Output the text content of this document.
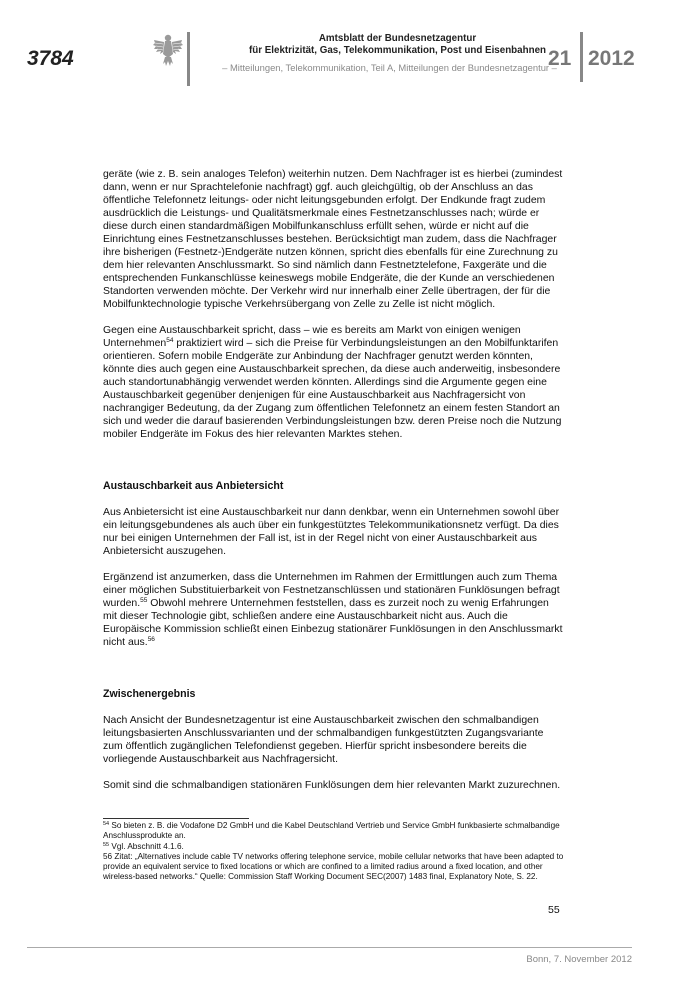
3784
Amtsblatt der Bundesnetzagentur
für Elektrizität, Gas, Telekommunikation, Post und Eisenbahnen
– Mitteilungen, Telekommunikation, Teil A, Mitteilungen der Bundesnetzagentur –
21 2012

geräte (wie z. B. sein analoges Telefon) weiterhin nutzen. Dem Nachfrager ist es hierbei (zumindest dann, wenn er nur Sprachtelefonie nachfragt) ggf. auch gleichgültig, ob der Anschluss an das öffentliche Telefonnetz leitungs- oder nicht leitungsgebunden erfolgt. Der Endkunde fragt zudem ausdrücklich die Leistungs- und Qualitätsmerkmale eines Festnetzanschlusses nach; würde er diese durch einen standardmäßigen Mobilfunkanschluss erfüllt sehen, würde er nicht auf die Einrichtung eines Festnetzanschlusses bestehen. Berücksichtigt man zudem, dass die Nachfrager ihre bisherigen (Festnetz-)Endgeräte nutzen können, spricht dies ebenfalls für eine Zurechnung zu dem hier relevanten Anschlussmarkt. So sind nämlich dann Festnetztelefone, Faxgeräte und die entsprechenden Funkanschlüsse keineswegs mobile Endgeräte, die der Kunde an verschiedenen Standorten verwenden möchte. Der Verkehr wird nur innerhalb einer Zelle übertragen, der für die Mobilfunktechnologie typische Verkehrsübergang von Zelle zu Zelle ist nicht möglich.

Gegen eine Austauschbarkeit spricht, dass – wie es bereits am Markt von einigen wenigen Unternehmen$^{54}$ praktiziert wird – sich die Preise für Verbindungsleistungen an den Mobilfunktarifen orientieren. Sofern mobile Endgeräte zur Anbindung der Nachfrager genutzt werden könnten, könnte dies auch gegen eine Austauschbarkeit sprechen, da diese auch anderweitig, insbesondere auch standortunabhängig verwendet werden könnten. Allerdings sind die Argumente gegen eine Austauschbarkeit gegenüber denjenigen für eine Austauschbarkeit aus Nachfragersicht von nachrangiger Bedeutung, da der Zugang zum öffentlichen Telefonnetz an einem festen Standort an sich und weder die darauf basierenden Verbindungsleistungen bzw. deren Preise noch die Nutzung mobiler Endgeräte im Fokus des hier relevanten Marktes stehen.

Austauschbarkeit aus Anbietersicht

Aus Anbietersicht ist eine Austauschbarkeit nur dann denkbar, wenn ein Unternehmen sowohl über ein leitungsgebundenes als auch über ein funkgestütztes Telekommunikationsnetz verfügt. Da dies nur bei einigen Unternehmen der Fall ist, ist in der Regel nicht von einer Austauschbarkeit aus Anbietersicht auszugehen.

Ergänzend ist anzumerken, dass die Unternehmen im Rahmen der Ermittlungen auch zum Thema einer möglichen Substituierbarkeit von Festnetzanschlüssen und stationären Funklösungen befragt wurden.$^{55}$ Obwohl mehrere Unternehmen feststellen, dass es zurzeit noch zu wenig Erfahrungen mit dieser Technologie gibt, schließen andere eine Austauschbarkeit nicht aus. Auch die Europäische Kommission schließt einen Einbezug stationärer Funklösungen in den Anschlussmarkt nicht aus.$^{56}$

Zwischenergebnis

Nach Ansicht der Bundesnetzagentur ist eine Austauschbarkeit zwischen den schmalbandigen leitungsbasierten Anschlussvarianten und der schmalbandigen funkgestützten Zugangsvariante zum öffentlich zugänglichen Telefondienst gegeben. Hierfür spricht insbesondere bereits die vorliegende Austauschbarkeit aus Nachfragersicht.

Somit sind die schmalbandigen stationären Funklösungen dem hier relevanten Markt zuzurechnen.

$^{54}$ So bieten z. B. die Vodafone D2 GmbH und die Kabel Deutschland Vertrieb und Service GmbH funkbasierte schmalbandige Anschlussprodukte an.
$^{55}$ Vgl. Abschnitt 4.1.6.
56 Zitat: „Alternatives include cable TV networks offering telephone service, mobile cellular networks that have been adapted to provide an equivalent service to fixed locations or which are confined to a limited radius around a fixed location, and other wireless-based networks.“ Quelle: Commission Staff Working Document SEC(2007) 1483 final, Explanatory Note, S. 22.
55
Bonn, 7. November 2012
